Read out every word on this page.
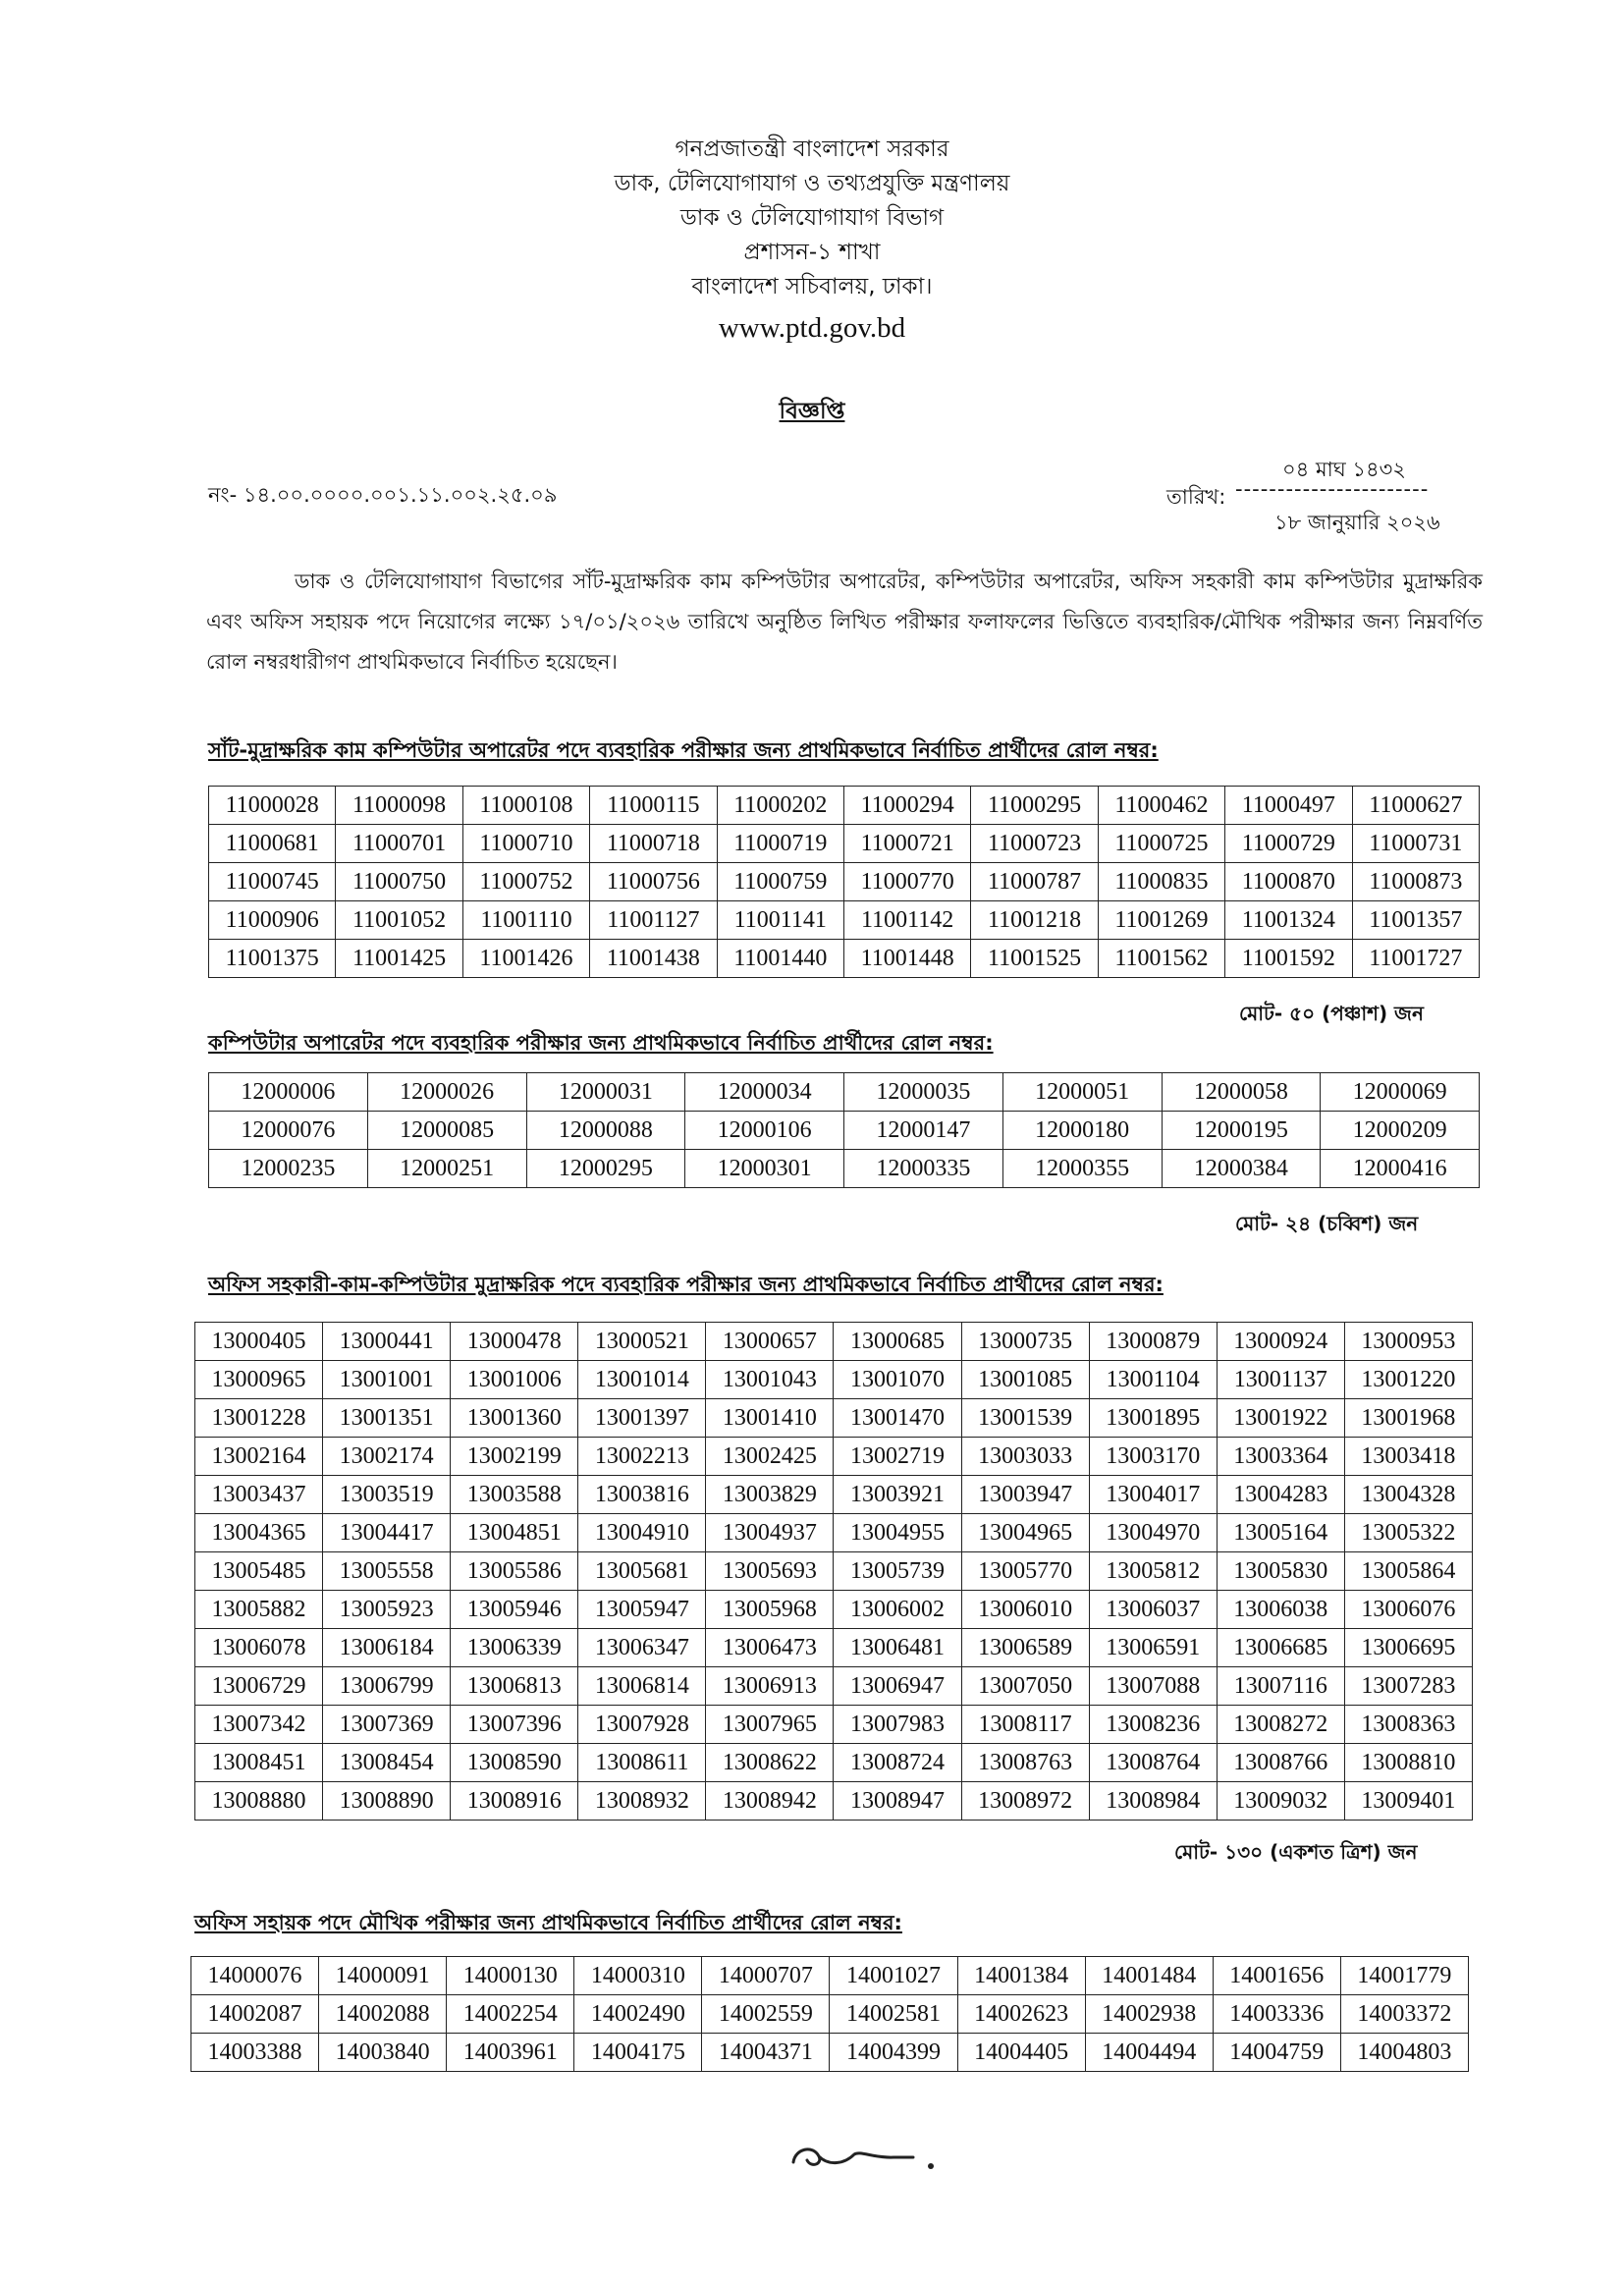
গনপ্রজাতন্ত্রী বাংলাদেশ সরকার
ডাক, টেলিযোগাযাগ ও তথ্যপ্রযুক্তি মন্ত্রণালয়
ডাক ও টেলিযোগাযাগ বিভাগ
প্রশাসন-১ শাখা
বাংলাদেশ সচিবালয়, ঢাকা।
www.ptd.gov.bd
বিজ্ঞপ্তি
নং- ১৪.০০.০০০০.০০১.১১.০০২.২৫.০৯
০৪ মাঘ ১৪৩২
তারিখ: -----------------------
১৮ জানুয়ারি ২০২৬
ডাক ও টেলিযোগাযাগ বিভাগের সাঁট-মুদ্রাক্ষরিক কাম কম্পিউটার অপারেটর, কম্পিউটার অপারেটর, অফিস সহকারী কাম কম্পিউটার মুদ্রাক্ষরিক এবং অফিস সহায়ক পদে নিয়োগের লক্ষ্যে ১৭/০১/২০২৬ তারিখে অনুষ্ঠিত লিখিত পরীক্ষার ফলাফলের ভিত্তিতে ব্যবহারিক/মৌখিক পরীক্ষার জন্য নিম্নবর্ণিত রোল নম্বরধারীগণ প্রাথমিকভাবে নির্বাচিত হয়েছেন।
সাঁট-মুদ্রাক্ষরিক কাম কম্পিউটার অপারেটর পদে ব্যবহারিক পরীক্ষার জন্য প্রাথমিকভাবে নির্বাচিত প্রার্থীদের রোল নম্বর:
11000028	11000098	11000108	11000115	11000202	11000294	11000295	11000462	11000497	11000627
11000681	11000701	11000710	11000718	11000719	11000721	11000723	11000725	11000729	11000731
11000745	11000750	11000752	11000756	11000759	11000770	11000787	11000835	11000870	11000873
11000906	11001052	11001110	11001127	11001141	11001142	11001218	11001269	11001324	11001357
11001375	11001425	11001426	11001438	11001440	11001448	11001525	11001562	11001592	11001727
মোট- ৫০ (পঞ্চাশ) জন
কম্পিউটার অপারেটর পদে ব্যবহারিক পরীক্ষার জন্য প্রাথমিকভাবে নির্বাচিত প্রার্থীদের রোল নম্বর:
12000006	12000026	12000031	12000034	12000035	12000051	12000058	12000069
12000076	12000085	12000088	12000106	12000147	12000180	12000195	12000209
12000235	12000251	12000295	12000301	12000335	12000355	12000384	12000416
মোট- ২৪ (চব্বিশ) জন
অফিস সহকারী-কাম-কম্পিউটার মুদ্রাক্ষরিক পদে ব্যবহারিক পরীক্ষার জন্য প্রাথমিকভাবে নির্বাচিত প্রার্থীদের রোল নম্বর:
13000405	13000441	13000478	13000521	13000657	13000685	13000735	13000879	13000924	13000953
13000965	13001001	13001006	13001014	13001043	13001070	13001085	13001104	13001137	13001220
13001228	13001351	13001360	13001397	13001410	13001470	13001539	13001895	13001922	13001968
13002164	13002174	13002199	13002213	13002425	13002719	13003033	13003170	13003364	13003418
13003437	13003519	13003588	13003816	13003829	13003921	13003947	13004017	13004283	13004328
13004365	13004417	13004851	13004910	13004937	13004955	13004965	13004970	13005164	13005322
13005485	13005558	13005586	13005681	13005693	13005739	13005770	13005812	13005830	13005864
13005882	13005923	13005946	13005947	13005968	13006002	13006010	13006037	13006038	13006076
13006078	13006184	13006339	13006347	13006473	13006481	13006589	13006591	13006685	13006695
13006729	13006799	13006813	13006814	13006913	13006947	13007050	13007088	13007116	13007283
13007342	13007369	13007396	13007928	13007965	13007983	13008117	13008236	13008272	13008363
13008451	13008454	13008590	13008611	13008622	13008724	13008763	13008764	13008766	13008810
13008880	13008890	13008916	13008932	13008942	13008947	13008972	13008984	13009032	13009401
মোট- ১৩০ (একশত ত্রিশ) জন
অফিস সহায়ক পদে মৌখিক পরীক্ষার জন্য প্রাথমিকভাবে নির্বাচিত প্রার্থীদের রোল নম্বর:
14000076	14000091	14000130	14000310	14000707	14001027	14001384	14001484	14001656	14001779
14002087	14002088	14002254	14002490	14002559	14002581	14002623	14002938	14003336	14003372
14003388	14003840	14003961	14004175	14004371	14004399	14004405	14004494	14004759	14004803
